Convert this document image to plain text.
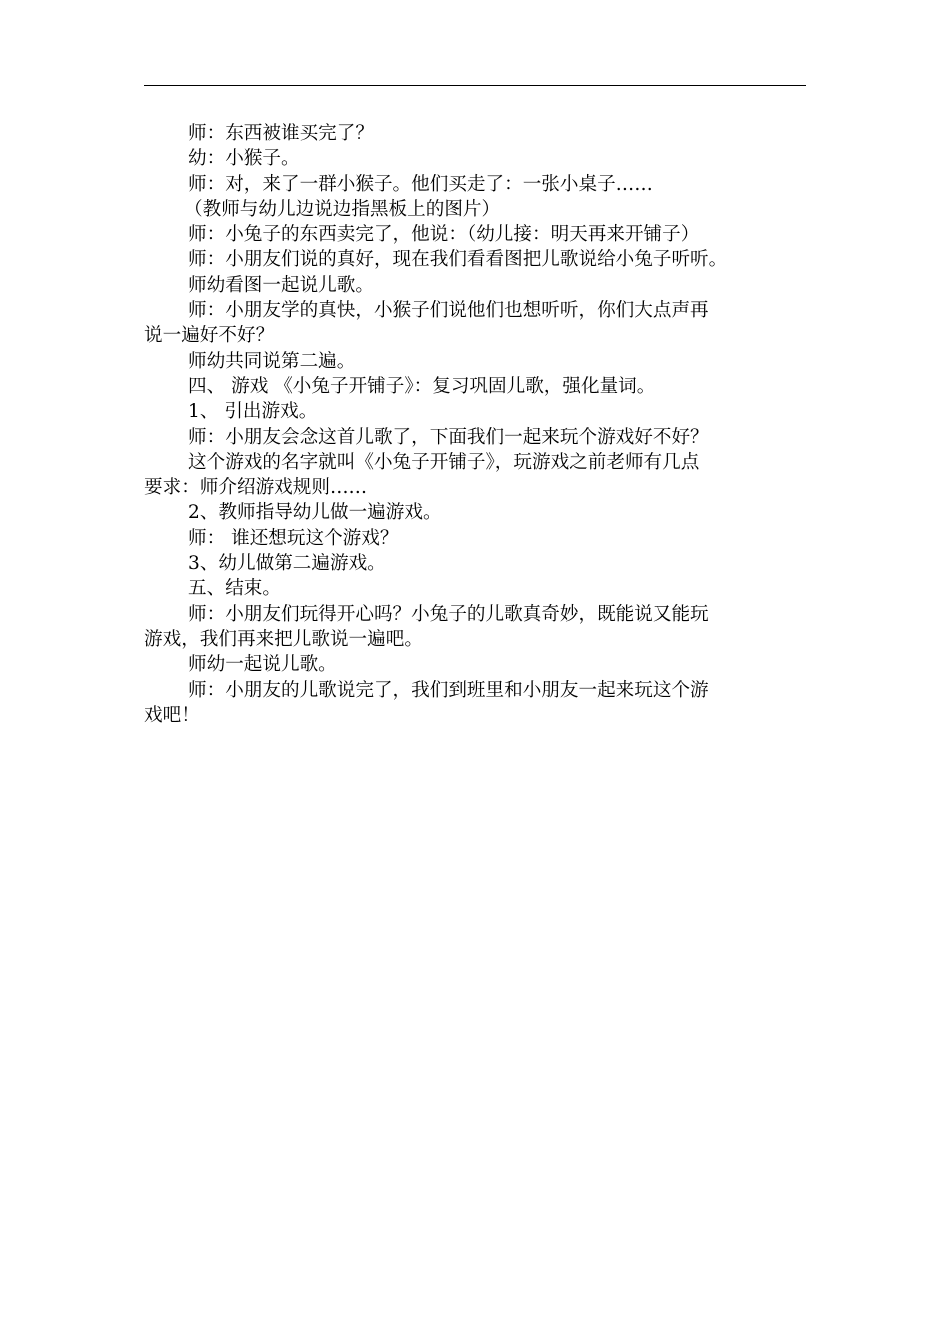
师：东西被谁买完了？

幼：小猴子。

师：对，来了一群小猴子。他们买走了：一张小桌子……

（教师与幼儿边说边指黑板上的图片）

师：小兔子的东西卖完了，他说：（幼儿接：明天再来开铺子）

师：小朋友们说的真好，现在我们看看图把儿歌说给小兔子听听。

师幼看图一起说儿歌。

师：小朋友学的真快，小猴子们说他们也想听听，你们大点声再

说一遍好不好？

师幼共同说第二遍。

四、 游戏 《小兔子开铺子》：复习巩固儿歌，强化量词。

1、 引出游戏。

师：小朋友会念这首儿歌了，下面我们一起来玩个游戏好不好？

这个游戏的名字就叫《小兔子开铺子》，玩游戏之前老师有几点

要求：师介绍游戏规则……

2、教师指导幼儿做一遍游戏。

师： 谁还想玩这个游戏？

3、幼儿做第二遍游戏。

五、结束。

师：小朋友们玩得开心吗？小兔子的儿歌真奇妙，既能说又能玩

游戏，我们再来把儿歌说一遍吧。

师幼一起说儿歌。

师：小朋友的儿歌说完了，我们到班里和小朋友一起来玩这个游

戏吧！
